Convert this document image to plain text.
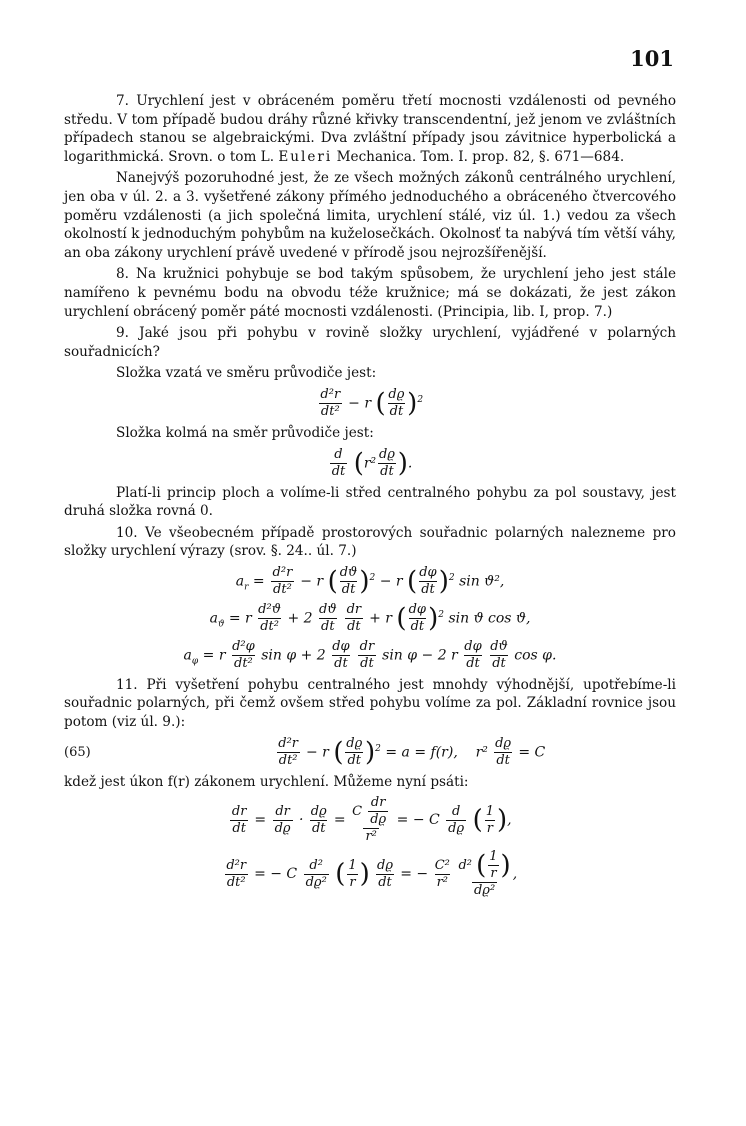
101

7. Urychlení jest v obráceném poměru třetí mocnosti vzdálenosti od pevného středu. V tom případě budou dráhy různé křivky transcendentní, jež jenom ve zvláštních případech stanou se algebraickými. Dva zvláštní případy jsou závitnice hyperbolická a logarithmická. Srovn. o tom L. Euleri Mechanica. Tom. I. prop. 82, §. 671—684.

Nanejvýš pozoruhodné jest, že ze všech možných zákonů centrálného urychlení, jen oba v úl. 2. a 3. vyšetřené zákony přímého jednoduchého a obráceného čtvercového poměru vzdálenosti (a jich společná limita, urychlení stálé, viz úl. 1.) vedou za všech okolností k jednoduchým pohybům na kuželosečkách. Okolnosť ta nabývá tím větší váhy, an oba zákony urychlení právě uvedené v přírodě jsou nejrozšířenější.

8. Na kružnici pohybuje se bod takým spůsobem, že urychlení jeho jest stále namířeno k pevnému bodu na obvodu téže kružnice; má se dokázati, že jest zákon urychlení obrácený poměr páté mocnosti vzdálenosti. (Principia, lib. I, prop. 7.)

9. Jaké jsou při pohybu v rovině složky urychlení, vyjádřené v polarných souřadnicích?

Složka vzatá ve směru průvodiče jest:

$\frac{\text{d²r}}{\text{dt²}} - r$ ( $\frac{dϱ}{dt} )^2$

Složka kolmá na směr průvodiče jest:

$\frac{d}{dt} (r^2 \frac{dϱ}{dt}$ ).

Platí-li princip ploch a volíme-li střed centralného pohybu za pol soustavy, jest druhá složka rovná 0.

10. Ve všeobecném případě prostorových souřadnic polarných nalezneme pro složky urychlení výrazy (srov. §. 24.. úl. 7.)

$a_r = \frac{\text{d²r}}{\text{dt²}} - r$ ( $\frac{dϑ}{dt} )^2 - r$ ( $\frac{d\varphi}{dt} )^2$ sin ϑ²,
$a_ϑ = r \frac{\text{d²ϑ}}{\text{dt²}} + 2 \frac{dϑ}{dt}$
$\frac{dr}{dt} + r$ ( $\frac{d\varphi}{dt} )^2$ sin ϑ cos ϑ,
$a_\varphi = r \frac{\text{d²φ}}{\text{dt²}}$ $\sin \varphi + 2 \frac{d\varphi}{dt}$
$\frac{dr}{dt}$ sin φ − 2 r $\frac{d\varphi}{dt}$
$\frac{dϑ}{dt}$ cos φ.

11. Při vyšetření pohybu centralného jest mnohdy výhodnější, upotřebíme-li souřadnic polarných, při čemž ovšem střed pohybu volíme za pol. Základní rovnice jsou potom (viz úl. 9.):

(65)	$\frac{\text{d²r}}{\text{dt²}} - r$ ( $\frac{dϱ}{dt} )^2 = a = f(r)$,    $r^2 \frac{dϱ}{dt} = C$

kdež jest úkon f(r) zákonem urychlení. Můžeme nyní psáti:

$\frac{dr}{dt} = \frac{dr}{dϱ} \cdot \frac{dϱ}{dt} = \frac{C \frac{dr}{dϱ}}{\text{r²}}$ = − C $\frac{d}{dϱ}$ ( $\frac{1}{r}$ ),
$\frac{\text{d²r}}{\text{dt²}}$ = − C $\frac{\text{d²}}{\text{dϱ²}}$ ( $\frac{1}{r}$ ) $\frac{dϱ}{dt}$ = − $\frac{\text{C²}}{\text{r²}}$
$\frac{d^2 ( \frac{1}{r} )}{\text{dϱ²}}$ ,
